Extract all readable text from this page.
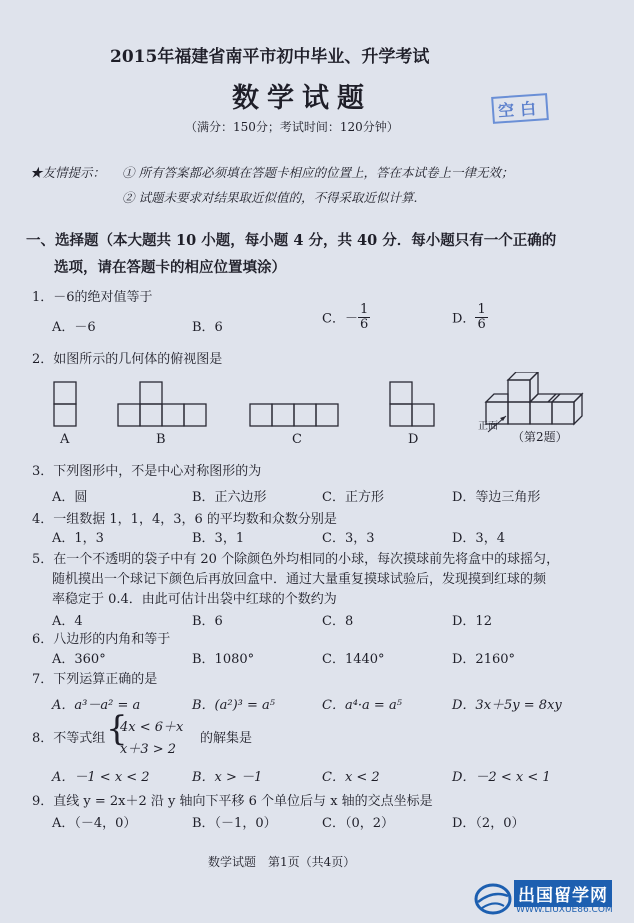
2015年福建省南平市初中毕业、升学考试
数学试题	空白
（满分：150分；考试时间：120分钟）
★友情提示： ① 所有答案都必须填在答题卡相应的位置上，答在本试卷上一律无效；
② 试题未要求对结果取近似值的，不得采取近似计算.
一、选择题（本大题共 10 小题，每小题 4 分，共 40 分．每小题只有一个正确的
选项，请在答题卡的相应位置填涂）
1．－6的绝对值等于
A．－6	B．6
C．－ $\frac{1}{6}$	D． $\frac{1}{6}$
2．如图所示的几何体的俯视图是
A	B	C	D
正面
（第2题）
3．下列图形中，不是中心对称图形的为
A．圆	B．正六边形	C．正方形	D．等边三角形
4．一组数据 1，1，4，3，6 的平均数和众数分别是
A．1，3	B．3，1	C．3，3	D．3，4
5．在一个不透明的袋子中有 20 个除颜色外均相同的小球，每次摸球前先将盒中的球摇匀，
随机摸出一个球记下颜色后再放回盒中．通过大量重复摸球试验后，发现摸到红球的频
率稳定于 0.4．由此可估计出袋中红球的个数约为
A．4	B．6	C．8	D．12
6．八边形的内角和等于
A．360°	B．1080°	C．1440°	D．2160°
7．下列运算正确的是
A．a³－a² = a	B．(a²)³ = a⁵	C．a⁴·a = a⁵	D．3x＋5y = 8xy
8．不等式组 {
4x < 6＋x
x＋3 > 2
的解集是
A．－1 < x < 2	B．x > －1	C．x < 2	D．－2 < x < 1
9．直线 y = 2x＋2 沿 y 轴向下平移 6 个单位后与 x 轴的交点坐标是
A．（－4，0）	B．（－1，0）	C．（0，2）	D．（2，0）
数学试题　第1页（共4页）
出国留学网
WWW.LIUXUE86.COM
